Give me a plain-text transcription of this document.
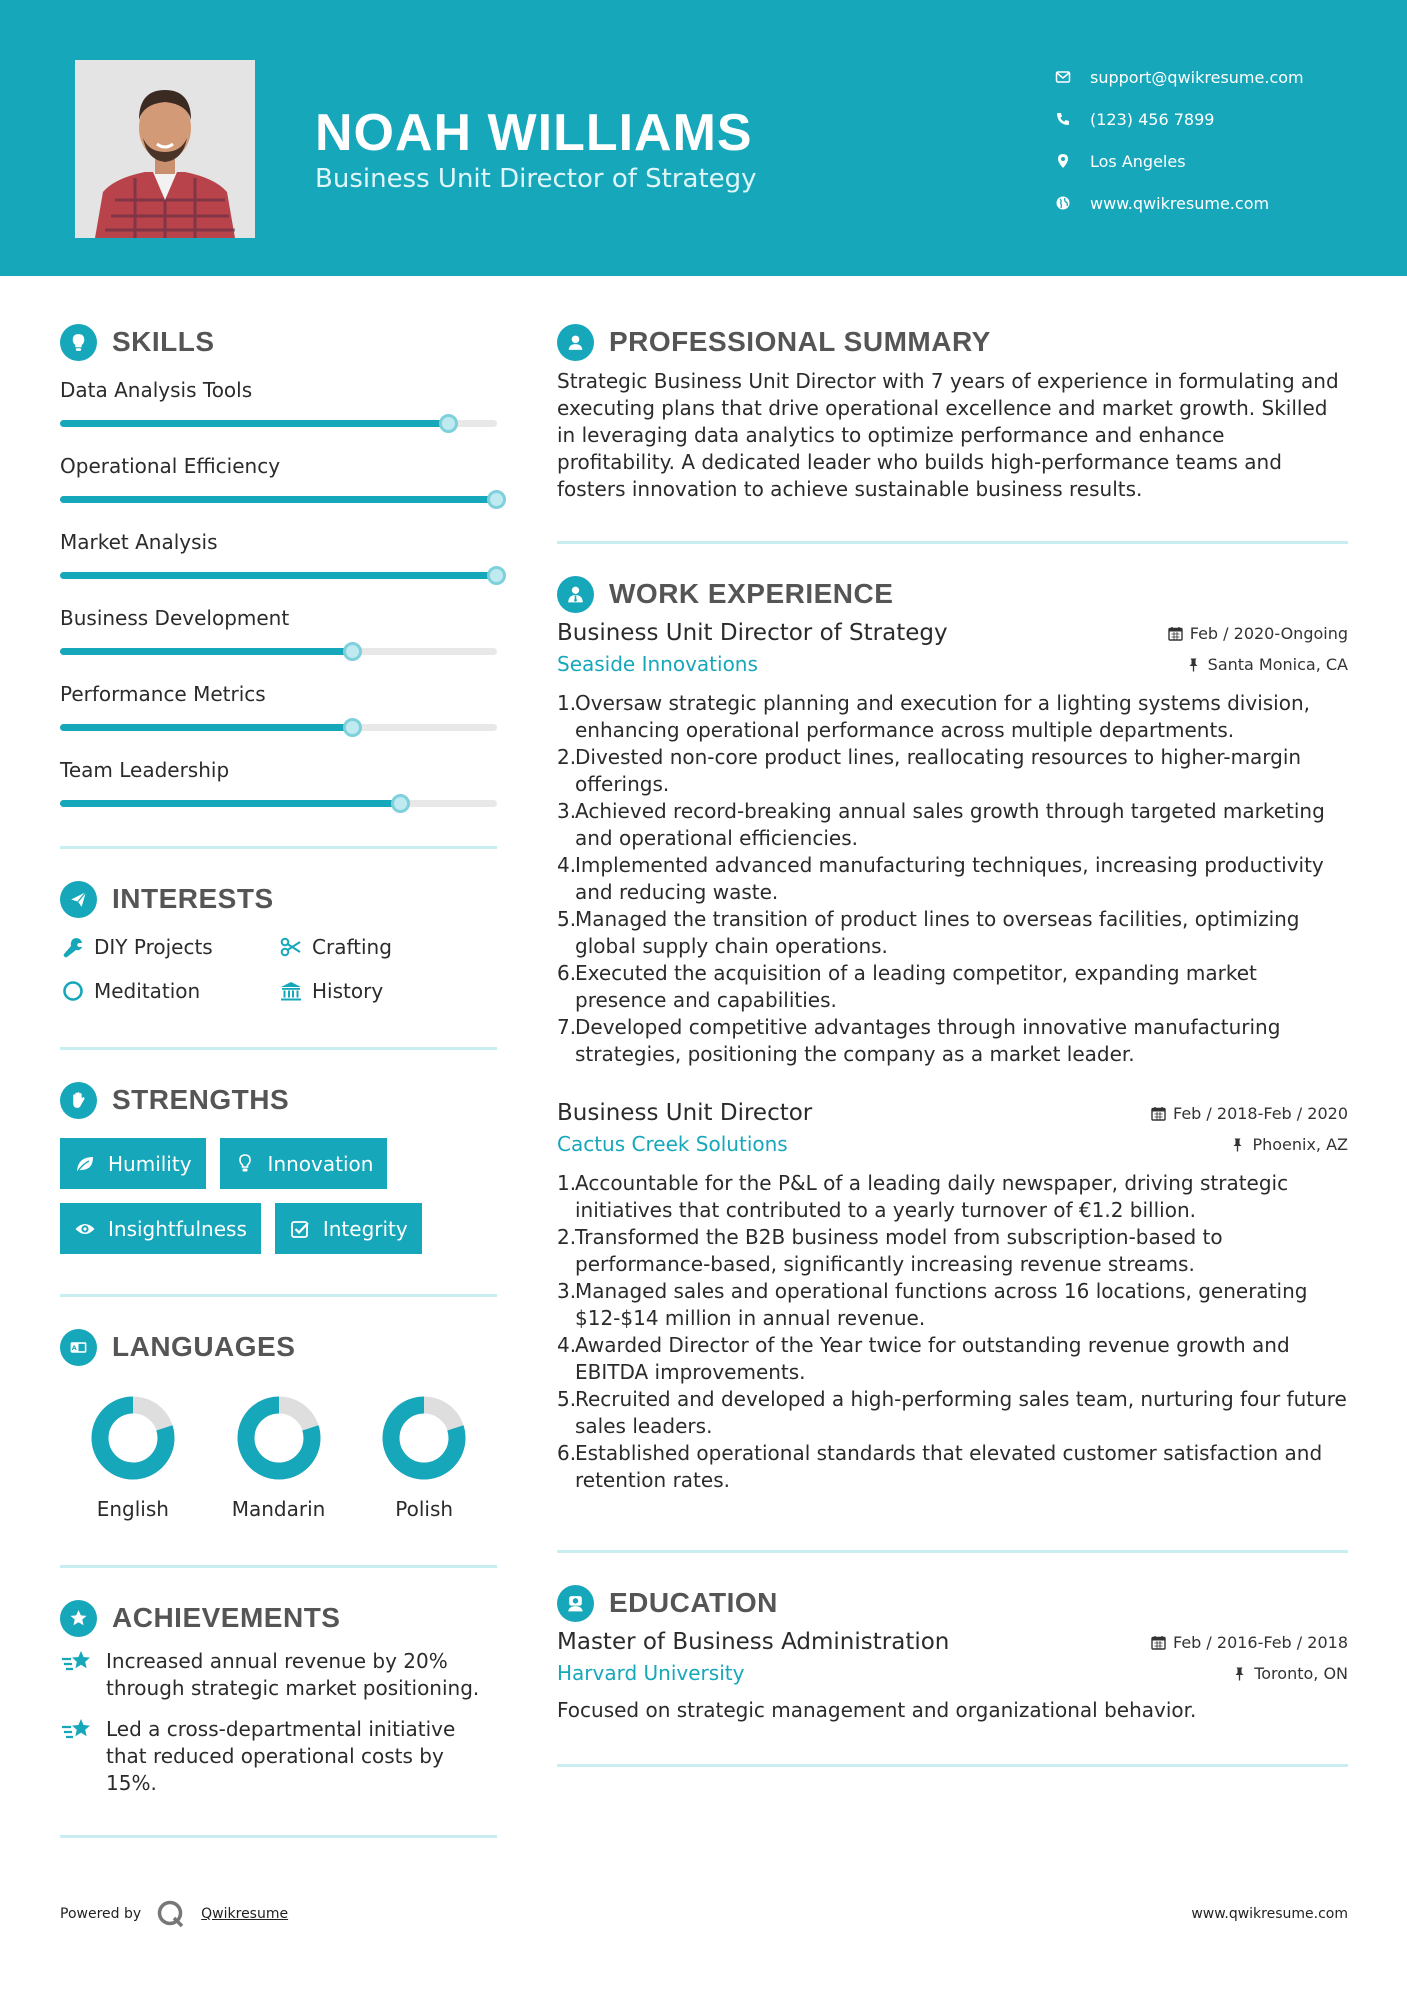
NOAH WILLIAMS
Business Unit Director of Strategy
support@qwikresume.com
(123) 456 7899
Los Angeles
www.qwikresume.com
SKILLS
Data Analysis Tools
Operational Efficiency
Market Analysis
Business Development
Performance Metrics
Team Leadership
INTERESTS
DIY Projects	Crafting
Meditation	History
STRENGTHS
Humility	Innovation
Insightfulness	Integrity
A LANGUAGES
English	Mandarin	Polish
ACHIEVEMENTS
Increased annual revenue by 20% through strategic market positioning.
Led a cross-departmental initiative that reduced operational costs by 15%.
PROFESSIONAL SUMMARY

Strategic Business Unit Director with 7 years of experience in formulating and executing plans that drive operational excellence and market growth. Skilled in leveraging data analytics to optimize performance and enhance profitability. A dedicated leader who builds high-performance teams and fosters innovation to achieve sustainable business results.

WORK EXPERIENCE
Business Unit Director of Strategy	Feb / 2020-Ongoing
Seaside Innovations	Santa Monica, CA
1.
Oversaw strategic planning and execution for a lighting systems division, enhancing operational performance across multiple departments.
2.
Divested non-core product lines, reallocating resources to higher-margin offerings.
3.
Achieved record-breaking annual sales growth through targeted marketing and operational efficiencies.
4.
Implemented advanced manufacturing techniques, increasing productivity and reducing waste.
5.
Managed the transition of product lines to overseas facilities, optimizing global supply chain operations.
6.
Executed the acquisition of a leading competitor, expanding market presence and capabilities.
7.
Developed competitive advantages through innovative manufacturing strategies, positioning the company as a market leader.
Business Unit Director	Feb / 2018-Feb / 2020
Cactus Creek Solutions	Phoenix, AZ
1.
Accountable for the P&L of a leading daily newspaper, driving strategic initiatives that contributed to a yearly turnover of €1.2 billion.
2.
Transformed the B2B business model from subscription-based to performance-based, significantly increasing revenue streams.
3.
Managed sales and operational functions across 16 locations, generating $12-$14 million in annual revenue.
4.
Awarded Director of the Year twice for outstanding revenue growth and EBITDA improvements.
5.
Recruited and developed a high-performing sales team, nurturing four future sales leaders.
6.
Established operational standards that elevated customer satisfaction and retention rates.
EDUCATION
Master of Business Administration	Feb / 2016-Feb / 2018
Harvard University	Toronto, ON

Focused on strategic management and organizational behavior.

Powered by	Qwikresume	www.qwikresume.com
